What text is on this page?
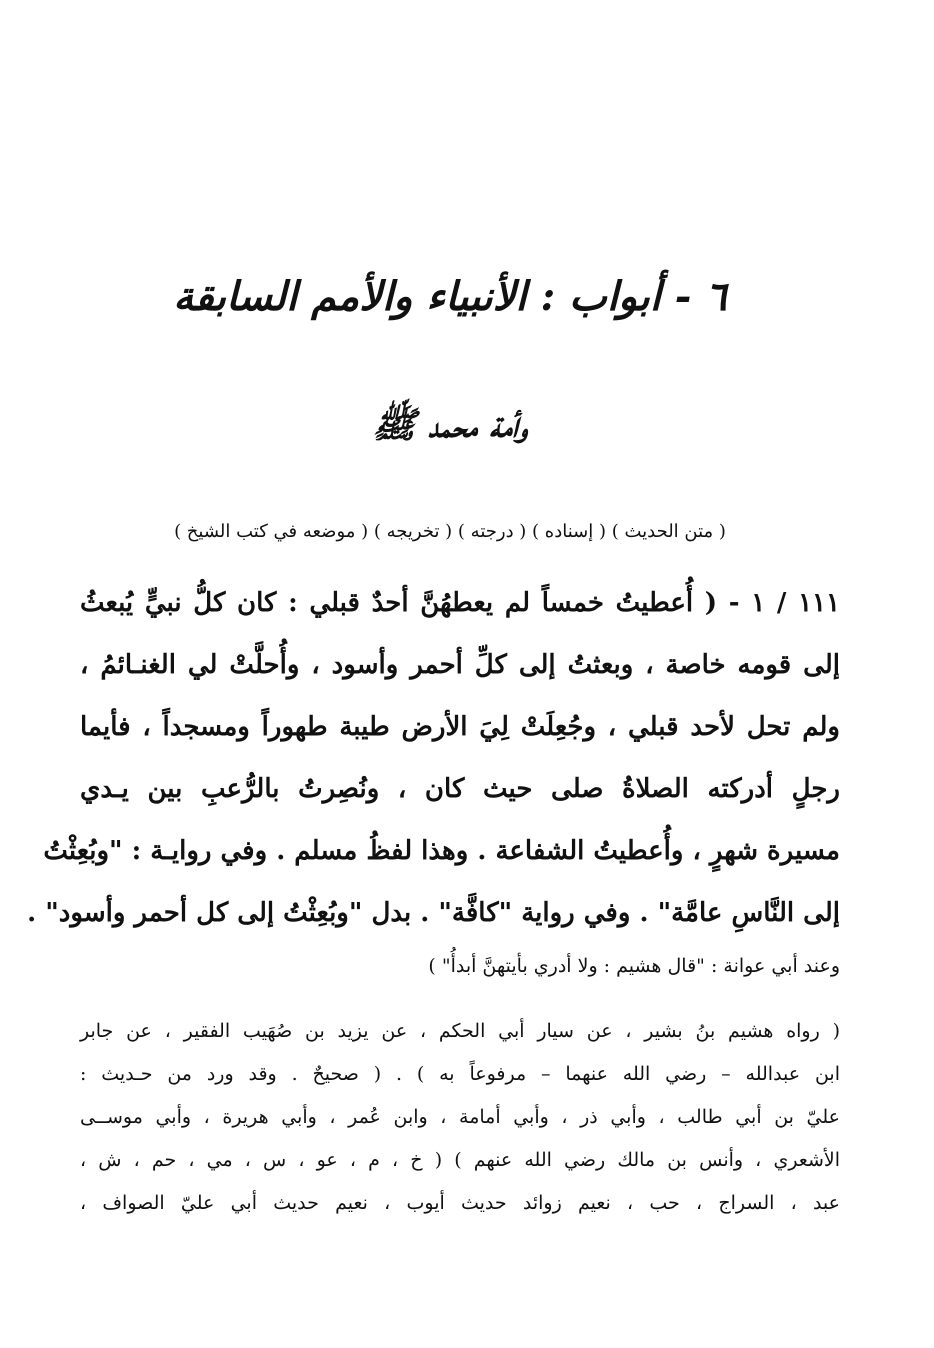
٦ - أبواب : الأنبياء والأمم السابقة
وأمة محمد ﷺ
( متن الحديث ) ( إسناده ) ( درجته ) ( تخريجه ) ( موضعه في كتب الشيخ )
١١١ / ١ - ( أُعطيتُ خمساً لم يعطهُنَّ أحدٌ قبلي : كان كلُّ نبيٍّ يُبعثُ
إلى قومه خاصة ، وبعثتُ إلى كلِّ أحمر وأسود ، وأُحلَّتْ لي الغنـائمُ ،
ولم تحل لأحد قبلي ، وجُعِلَتْ لِيَ الأرض طيبة طهوراً ومسجداً ، فأيما
رجلٍ أدركته الصلاةُ صلى حيث كان ، ونُصِرتُ بالرُّعبِ بين يـدي
مسيرة شهرٍ ، وأُعطيتُ الشفاعة . وهذا لفظُ مسلم . وفي روايـة : "وبُعِثْتُ
إلى النَّاسِ عامَّة" . وفي رواية "كافَّة" . بدل "وبُعِثْتُ إلى كل أحمر وأسود" .
وعند أبي عوانة : "قال هشيم : ولا أدري بأيتهنَّ أبدأُ" )
( رواه هشيم بنُ بشير ، عن سيار أبي الحكم ، عن يزيد بن صُهَيب الفقير ، عن جابر
ابن عبدالله – رضي الله عنهما – مرفوعاً به ) . ( صحيحٌ . وقد ورد من حـديث :
عليّ بن أبي طالب ، وأبي ذر ، وأبي أمامة ، وابن عُمر ، وأبي هريرة ، وأبي موســى
الأشعري ، وأنس بن مالك رضي الله عنهم ) ( خ ، م ، عو ، س ، مي ، حم ، ش ،
عبد ، السراج ، حب ، نعيم زوائد حديث أيوب ، نعيم حديث أبي عليّ الصواف ،
